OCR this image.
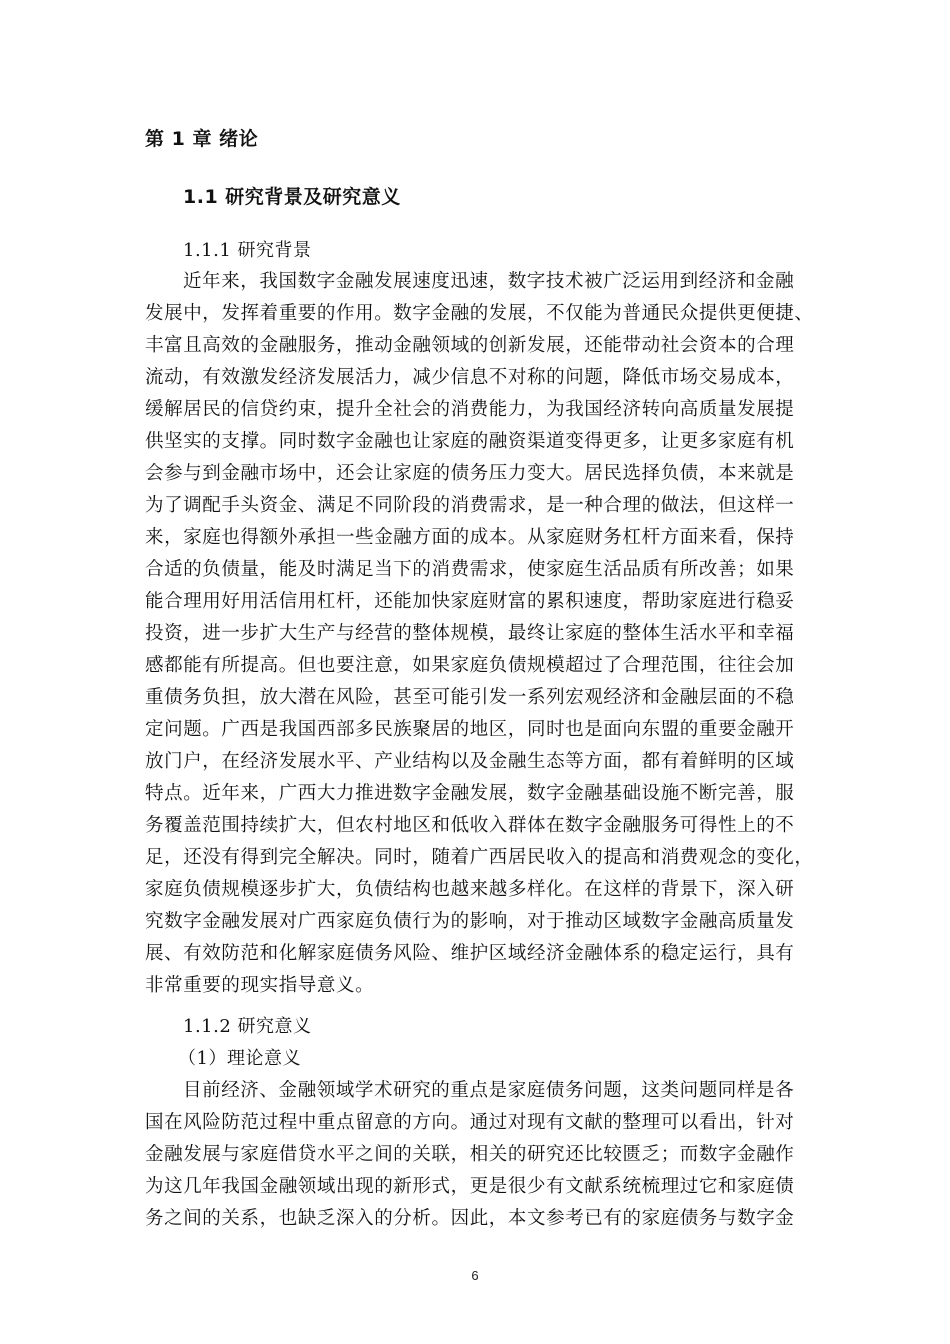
第 1 章 绪论
1.1 研究背景及研究意义
1.1.1 研究背景
近年来，我国数字金融发展速度迅速，数字技术被广泛运用到经济和金融
发展中，发挥着重要的作用。数字金融的发展，不仅能为普通民众提供更便捷、
丰富且高效的金融服务，推动金融领域的创新发展，还能带动社会资本的合理
流动，有效激发经济发展活力，减少信息不对称的问题，降低市场交易成本，
缓解居民的信贷约束，提升全社会的消费能力，为我国经济转向高质量发展提
供坚实的支撑。同时数字金融也让家庭的融资渠道变得更多，让更多家庭有机
会参与到金融市场中，还会让家庭的债务压力变大。居民选择负债，本来就是
为了调配手头资金、满足不同阶段的消费需求，是一种合理的做法，但这样一
来，家庭也得额外承担一些金融方面的成本。从家庭财务杠杆方面来看，保持
合适的负债量，能及时满足当下的消费需求，使家庭生活品质有所改善；如果
能合理用好用活信用杠杆，还能加快家庭财富的累积速度，帮助家庭进行稳妥
投资，进一步扩大生产与经营的整体规模，最终让家庭的整体生活水平和幸福
感都能有所提高。但也要注意，如果家庭负债规模超过了合理范围，往往会加
重债务负担，放大潜在风险，甚至可能引发一系列宏观经济和金融层面的不稳
定问题。广西是我国西部多民族聚居的地区，同时也是面向东盟的重要金融开
放门户，在经济发展水平、产业结构以及金融生态等方面，都有着鲜明的区域
特点。近年来，广西大力推进数字金融发展，数字金融基础设施不断完善，服
务覆盖范围持续扩大，但农村地区和低收入群体在数字金融服务可得性上的不
足，还没有得到完全解决。同时，随着广西居民收入的提高和消费观念的变化，
家庭负债规模逐步扩大，负债结构也越来越多样化。在这样的背景下，深入研
究数字金融发展对广西家庭负债行为的影响，对于推动区域数字金融高质量发
展、有效防范和化解家庭债务风险、维护区域经济金融体系的稳定运行，具有
非常重要的现实指导意义。
1.1.2 研究意义
（1）理论意义
目前经济、金融领域学术研究的重点是家庭债务问题，这类问题同样是各
国在风险防范过程中重点留意的方向。通过对现有文献的整理可以看出，针对
金融发展与家庭借贷水平之间的关联，相关的研究还比较匮乏；而数字金融作
为这几年我国金融领域出现的新形式，更是很少有文献系统梳理过它和家庭债
务之间的关系，也缺乏深入的分析。因此，本文参考已有的家庭债务与数字金
6
